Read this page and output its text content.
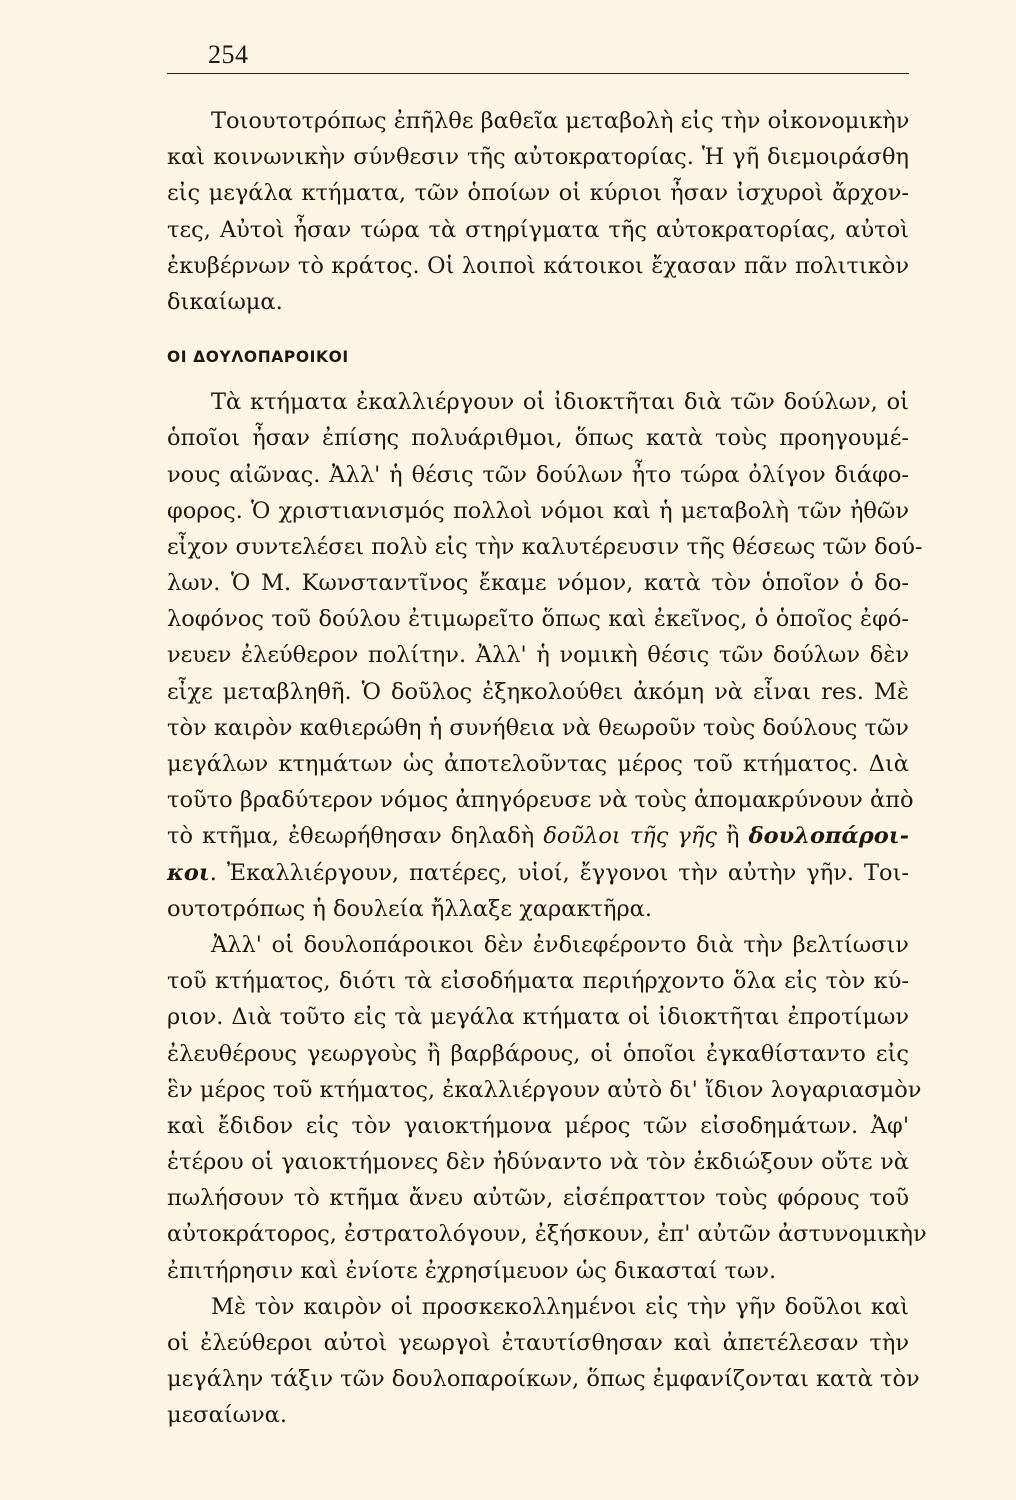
254
Τοιουτοτρόπως ἐπῆλθε βαθεῖα μεταβολὴ εἰς τὴν οἰκονομικὴν
καὶ κοινωνικὴν σύνθεσιν τῆς αὐτοκρατορίας. Ἡ γῆ διεμοιράσθη
εἰς μεγάλα κτήματα, τῶν ὁποίων οἱ κύριοι ἦσαν ἰσχυροὶ ἄρχον-
τες, Αὐτοὶ ἦσαν τώρα τὰ στηρίγματα τῆς αὐτοκρατορίας, αὐτοὶ
ἐκυβέρνων τὸ κράτος. Οἱ λοιποὶ κάτοικοι ἔχασαν πᾶν πολιτικὸν
δικαίωμα.
ΟΙ ΔΟΥΛΟΠΑΡΟΙΚΟΙ
Τὰ κτήματα ἐκαλλιέργουν οἱ ἰδιοκτῆται διὰ τῶν δούλων, οἱ
ὁποῖοι ἦσαν ἐπίσης πολυάριθμοι, ὅπως κατὰ τοὺς προηγουμέ-
νους αἰῶνας. Ἀλλ' ἡ θέσις τῶν δούλων ἦτο τώρα ὀλίγον διάφο-
φορος. Ὁ χριστιανισμός πολλοὶ νόμοι καὶ ἡ μεταβολὴ τῶν ἠθῶν
εἶχον συντελέσει πολὺ εἰς τὴν καλυτέρευσιν τῆς θέσεως τῶν δού-
λων. Ὁ Μ. Κωνσταντῖνος ἔκαμε νόμον, κατὰ τὸν ὁποῖον ὁ δο-
λοφόνος τοῦ δούλου ἐτιμωρεῖτο ὅπως καὶ ἐκεῖνος, ὁ ὁποῖος ἐφό-
νευεν ἐλεύθερον πολίτην. Ἀλλ' ἡ νομικὴ θέσις τῶν δούλων δὲν
εἶχε μεταβληθῆ. Ὁ δοῦλος ἐξηκολούθει ἀκόμη νὰ εἶναι res. Μὲ
τὸν καιρὸν καθιερώθη ἡ συνήθεια νὰ θεωροῦν τοὺς δούλους τῶν
μεγάλων κτημάτων ὡς ἀποτελοῦντας μέρος τοῦ κτήματος. Διὰ
τοῦτο βραδύτερον νόμος ἀπηγόρευσε νὰ τοὺς ἀπομακρύνουν ἀπὸ
τὸ κτῆμα, ἐθεωρήθησαν δηλαδὴ δοῦλοι τῆς γῆς ἢ δουλοπάροι-
κοι. Ἐκαλλιέργουν, πατέρες, υἱοί, ἔγγονοι τὴν αὐτὴν γῆν. Τοι-
ουτοτρόπως ἡ δουλεία ἤλλαξε χαρακτῆρα.
Ἀλλ' οἱ δουλοπάροικοι δὲν ἐνδιεφέροντο διὰ τὴν βελτίωσιν
τοῦ κτήματος, διότι τὰ εἰσοδήματα περιήρχοντο ὅλα εἰς τὸν κύ-
ριον. Διὰ τοῦτο εἰς τὰ μεγάλα κτήματα οἱ ἰδιοκτῆται ἐπροτίμων
ἐλευθέρους γεωργοὺς ἢ βαρβάρους, οἱ ὁποῖοι ἐγκαθίσταντο εἰς
ἓν μέρος τοῦ κτήματος, ἐκαλλιέργουν αὐτὸ δι' ἴδιον λογαριασμὸν
καὶ ἔδιδον εἰς τὸν γαιοκτήμονα μέρος τῶν εἰσοδημάτων. Ἀφ'
ἑτέρου οἱ γαιοκτήμονες δὲν ἠδύναντο νὰ τὸν ἐκδιώξουν οὔτε νὰ
πωλήσουν τὸ κτῆμα ἄνευ αὐτῶν, εἰσέπραττον τοὺς φόρους τοῦ
αὐτοκράτορος, ἐστρατολόγουν, ἐξήσκουν, ἐπ' αὐτῶν ἀστυνομικὴν
ἐπιτήρησιν καὶ ἐνίοτε ἐχρησίμευον ὡς δικασταί των.
Μὲ τὸν καιρὸν οἱ προσκεκολλημένοι εἰς τὴν γῆν δοῦλοι καὶ
οἱ ἐλεύθεροι αὐτοὶ γεωργοὶ ἐταυτίσθησαν καὶ ἀπετέλεσαν τὴν
μεγάλην τάξιν τῶν δουλοπαροίκων, ὅπως ἐμφανίζονται κατὰ τὸν
μεσαίωνα.
